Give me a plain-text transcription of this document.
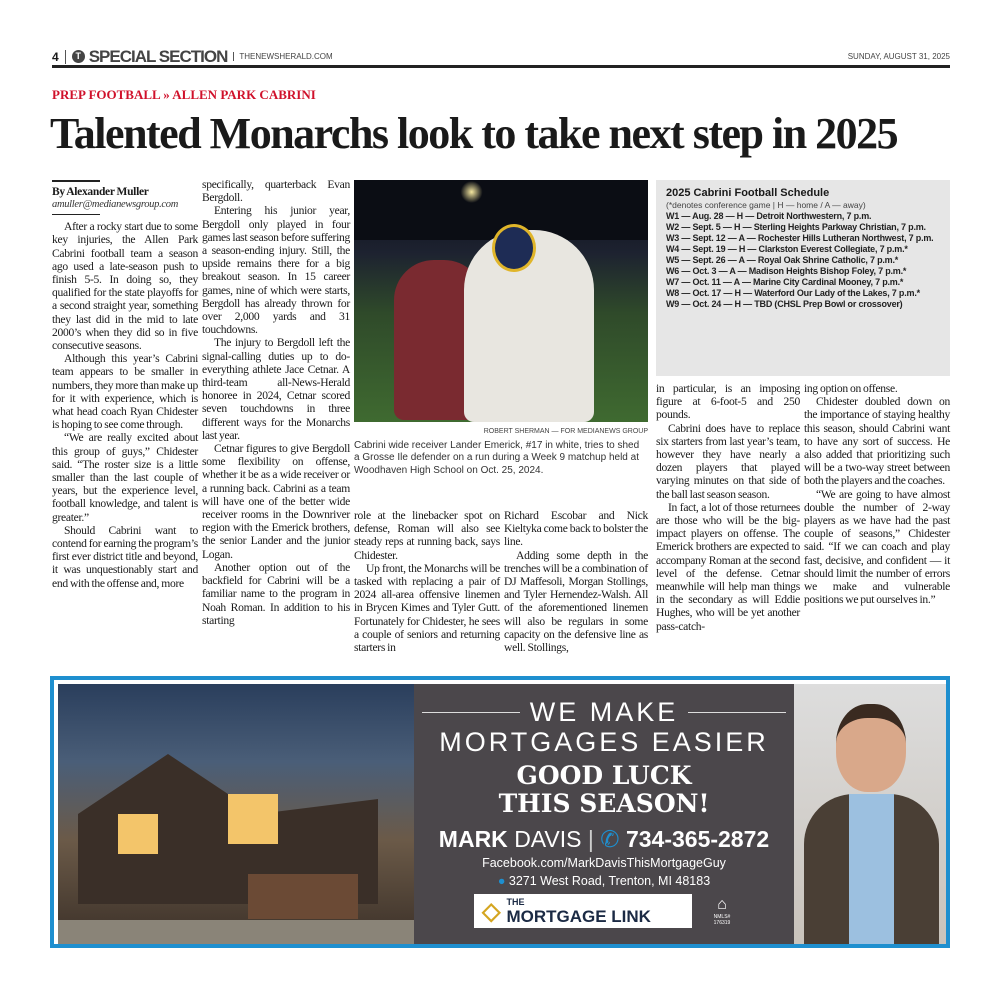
4	T SPECIAL SECTION	THENEWSHERALD.COM	SUNDAY, AUGUST 31, 2025
PREP FOOTBALL » ALLEN PARK CABRINI
Talented Monarchs look to take next step in 2025
By Alexander Muller
amuller@medianewsgroup.com

After a rocky start due to some key injuries, the Allen Park Cabrini football team a season ago used a late-season push to finish 5-5. In doing so, they qualified for the state playoffs for a second straight year, something they last did in the mid to late 2000’s when they did so in five consecutive seasons.

Although this year’s Cabrini team appears to be smaller in numbers, they more than make up for it with experience, which is what head coach Ryan Chidester is hoping to see come through.

“We are really excited about this group of guys,” Chidester said. “The roster size is a little smaller than the last couple of years, but the experience level, football knowledge, and talent is greater.”

Should Cabrini want to contend for earning the program’s first ever district title and beyond, it was unquestionably start and end with the offense and, more

specifically, quarterback Evan Bergdoll.

Entering his junior year, Bergdoll only played in four games last season before suffering a season-ending injury. Still, the upside remains there for a big breakout season. In 15 career games, nine of which were starts, Bergdoll has already thrown for over 2,000 yards and 31 touchdowns.

The injury to Bergdoll left the signal-calling duties up to do-everything athlete Jace Cetnar. A third-team all-News-Herald honoree in 2024, Cetnar scored seven touchdowns in three different ways for the Monarchs last year.

Cetnar figures to give Bergdoll some flexibility on offense, whether it be as a wide receiver or a running back. Cabrini as a team will have one of the better wide receiver rooms in the Downriver region with the Emerick brothers, the senior Lander and the junior Logan.

Another option out of the backfield for Cabrini will be a familiar name to the program in Noah Roman. In addition to his starting

ROBERT SHERMAN — FOR MEDIANEWS GROUP
Cabrini wide receiver Lander Emerick, #17 in white, tries to shed a Grosse Ile defender on a run during a Week 9 matchup held at Woodhaven High School on Oct. 25, 2024.

role at the linebacker spot on defense, Roman will also see steady reps at running back, says Chidester.

Up front, the Monarchs will be tasked with replacing a pair of 2024 all-area offensive linemen in Brycen Kimes and Tyler Gutt. Fortunately for Chidester, he sees a couple of seniors and returning starters in

Richard Escobar and Nick Kieltyka come back to bolster the line.

Adding some depth in the trenches will be a combination of DJ Maffesoli, Morgan Stollings, and Tyler Hernendez-Walsh. All of the aforementioned linemen will also be regulars in some capacity on the defensive line as well. Stollings,

2025 Cabrini Football Schedule
(*denotes conference game | H — home / A — away)
W1 — Aug. 28 — H — Detroit Northwestern, 7 p.m.
W2 — Sept. 5 — H — Sterling Heights Parkway Christian, 7 p.m.
W3 — Sept. 12 — A — Rochester Hills Lutheran Northwest, 7 p.m.
W4 — Sept. 19 — H — Clarkston Everest Collegiate, 7 p.m.*
W5 — Sept. 26 — A — Royal Oak Shrine Catholic, 7 p.m.*
W6 — Oct. 3 — A — Madison Heights Bishop Foley, 7 p.m.*
W7 — Oct. 11 — A — Marine City Cardinal Mooney, 7 p.m.*
W8 — Oct. 17 — H — Waterford Our Lady of the Lakes, 7 p.m.*
W9 — Oct. 24 — H — TBD (CHSL Prep Bowl or crossover)

in particular, is an imposing figure at 6-foot-5 and 250 pounds.

Cabrini does have to replace six starters from last year’s team, however they have nearly a dozen players that played varying minutes on that side of the ball last season season.

In fact, a lot of those returnees are those who will be the big-impact players on offense. The Emerick brothers are expected to accompany Roman at the second level of the defense. Cetnar meanwhile will help man things in the secondary as will Eddie Hughes, who will be yet another pass-catch-

ing option on offense.

Chidester doubled down on the importance of staying healthy this season, should Cabrini want to have any sort of success. He also added that prioritizing such will be a two-way street between both the players and the coaches.

“We are going to have almost double the number of 2-way players as we have had the past couple of seasons,” Chidester said. “If we can coach and play fast, decisive, and confident — it should limit the number of errors we make and vulnerable positions we put ourselves in.”

WE MAKE
MORTGAGES EASIER
GOOD LUCK
THIS SEASON!
MARK DAVIS | ✆ 734-365-2872
Facebook.com/MarkDavisThisMortgageGuy
● 3271 West Road, Trenton, MI 48183
◇ THE
MORTGAGE LINK
⌂
NMLS# 176319
